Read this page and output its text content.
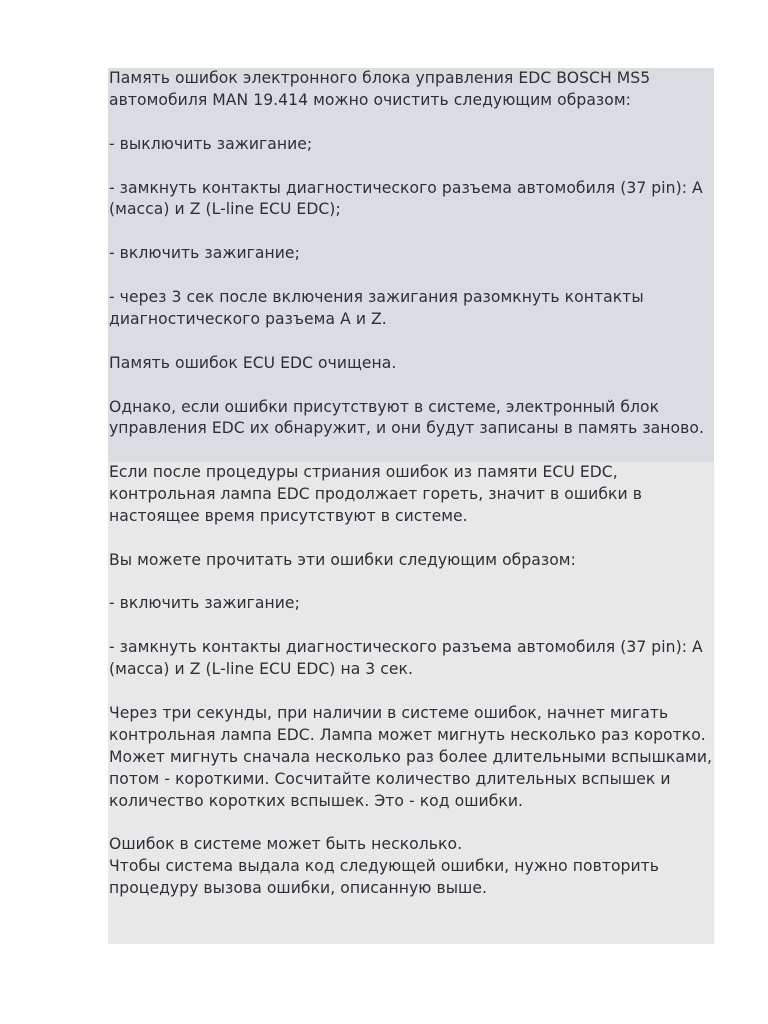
Память ошибок электронного блока управления EDC BOSCH MS5 автомобиля MAN 19.414 можно очистить следующим образом:

- выключить зажигание;

- замкнуть контакты диагностического разъема автомобиля (37 pin): A (масса) и Z (L-line ECU EDC);

- включить зажигание;

- через 3 сек после включения зажигания разомкнуть контакты диагностического разъема A и Z.

Память ошибок ECU EDC очищена.

Однако, если ошибки присутствуют в системе, электронный блок управления EDC их обнаружит, и они будут записаны в память заново.

Если после процедуры стриания ошибок из памяти ECU EDC, контрольная лампа EDC продолжает гореть, значит в ошибки в настоящее время присутствуют в системе.

Вы можете прочитать эти ошибки следующим образом:

- включить зажигание;

- замкнуть контакты диагностического разъема автомобиля (37 pin): A (масса) и Z (L-line ECU EDC) на 3 сек.

Через три секунды, при наличии в системе ошибок, начнет мигать контрольная лампа EDC. Лампа может мигнуть несколько раз коротко. Может мигнуть сначала несколько раз более длительными вспышками, потом - короткими. Сосчитайте количество длительных вспышек и количество коротких вспышек. Это - код ошибки.

Ошибок в системе может быть несколько.

Чтобы система выдала код следующей ошибки, нужно повторить процедуру вызова ошибки, описанную выше.
